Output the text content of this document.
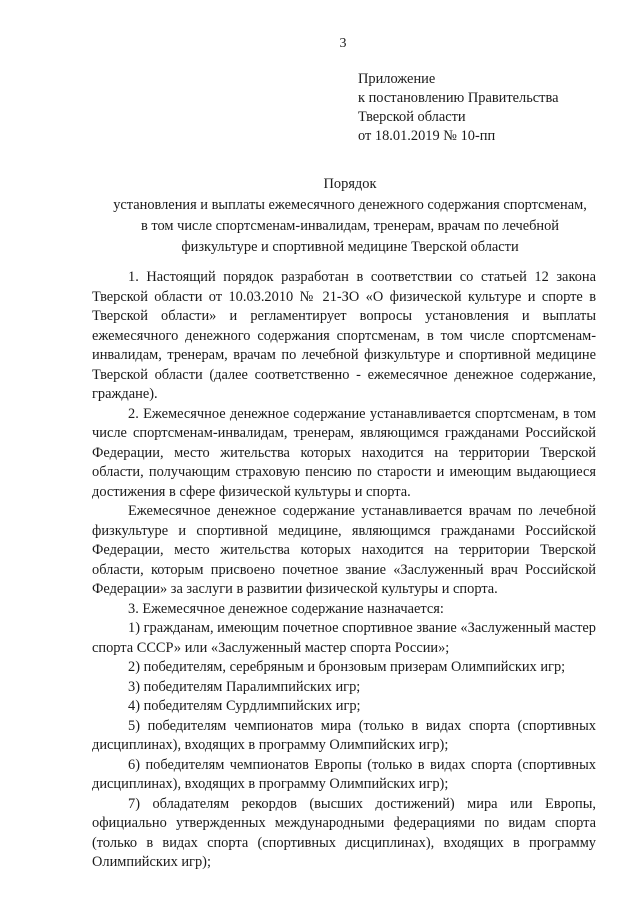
3
Приложение
к постановлению Правительства
Тверской области
от 18.01.2019 № 10-пп
Порядок
установления и выплаты ежемесячного денежного содержания спортсменам,
в том числе спортсменам-инвалидам, тренерам, врачам по лечебной
физкультуре и спортивной медицине Тверской области

1. Настоящий порядок разработан в соответствии со статьей 12 закона Тверской области от 10.03.2010 № 21-ЗО «О физической культуре и спорте в Тверской области» и регламентирует вопросы установления и выплаты ежемесячного денежного содержания спортсменам, в том числе спортсменам-инвалидам, тренерам, врачам по лечебной физкультуре и спортивной медицине Тверской области (далее соответственно - ежемесячное денежное содержание, граждане).

2. Ежемесячное денежное содержание устанавливается спортсменам, в том числе спортсменам-инвалидам, тренерам, являющимся гражданами Российской Федерации, место жительства которых находится на территории Тверской области, получающим страховую пенсию по старости и имеющим выдающиеся достижения в сфере физической культуры и спорта.

Ежемесячное денежное содержание устанавливается врачам по лечебной физкультуре и спортивной медицине, являющимся гражданами Российской Федерации, место жительства которых находится на территории Тверской области, которым присвоено почетное звание «Заслуженный врач Российской Федерации» за заслуги в развитии физической культуры и спорта.

3. Ежемесячное денежное содержание назначается:

1) гражданам, имеющим почетное спортивное звание «Заслуженный мастер спорта СССР» или «Заслуженный мастер спорта России»;

2) победителям, серебряным и бронзовым призерам Олимпийских игр;

3) победителям Паралимпийских игр;

4) победителям Сурдлимпийских игр;

5) победителям чемпионатов мира (только в видах спорта (спортивных дисциплинах), входящих в программу Олимпийских игр);

6) победителям чемпионатов Европы (только в видах спорта (спортивных дисциплинах), входящих в программу Олимпийских игр);

7) обладателям рекордов (высших достижений) мира или Европы, официально утвержденных международными федерациями по видам спорта (только в видах спорта (спортивных дисциплинах), входящих в программу Олимпийских игр);
